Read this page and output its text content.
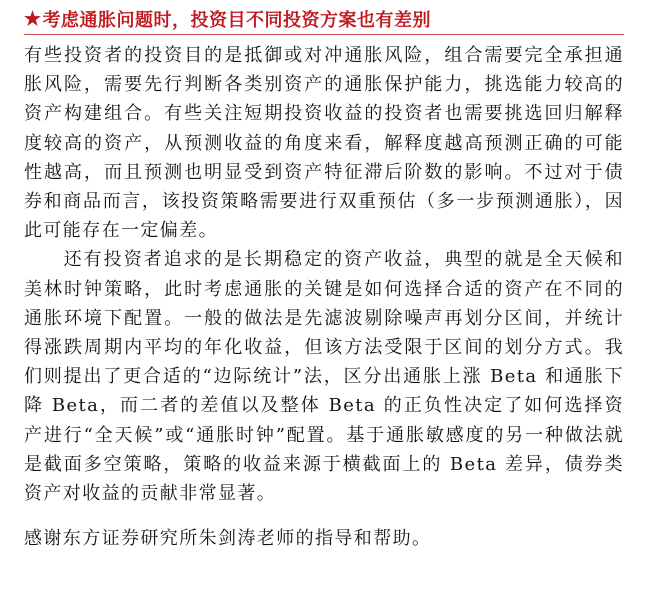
★ 考虑通胀问题时，投资目不同投资方案也有差别

有些投资者的投资目的是抵御或对冲通胀风险，组合需要完全承担通胀风险，需要先行判断各类别资产的通胀保护能力，挑选能力较高的资产构建组合。有些关注短期投资收益的投资者也需要挑选回归解释度较高的资产，从预测收益的角度来看，解释度越高预测正确的可能性越高，而且预测也明显受到资产特征滞后阶数的影响。不过对于债券和商品而言，该投资策略需要进行双重预估（多一步预测通胀），因此可能存在一定偏差。

还有投资者追求的是长期稳定的资产收益，典型的就是全天候和美林时钟策略，此时考虑通胀的关键是如何选择合适的资产在不同的通胀环境下配置。一般的做法是先滤波剔除噪声再划分区间，并统计得涨跌周期内平均的年化收益，但该方法受限于区间的划分方式。我们则提出了更合适的“边际统计”法，区分出通胀上涨 Beta 和通胀下降 Beta，而二者的差值以及整体 Beta 的正负性决定了如何选择资产进行“全天候”或“通胀时钟”配置。基于通胀敏感度的另一种做法就是截面多空策略，策略的收益来源于横截面上的 Beta 差异，债券类资产对收益的贡献非常显著。

感谢东方证券研究所朱剑涛老师的指导和帮助。
